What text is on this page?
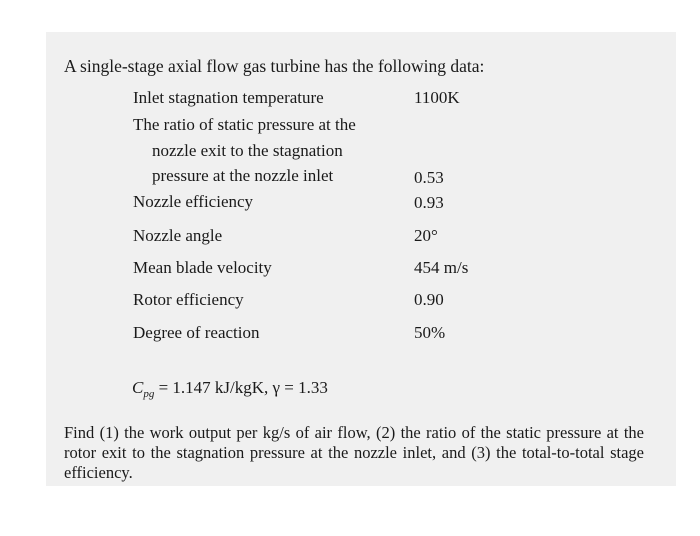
A single-stage axial flow gas turbine has the following data:
Inlet stagnation temperature	1100K
The ratio of static pressure at the
nozzle exit to the stagnation
pressure at the nozzle inlet	0.53
Nozzle efficiency	0.93
Nozzle angle	20°
Mean blade velocity	454 m/s
Rotor efficiency	0.90
Degree of reaction	50%
$C_{pg} = 1.147$ kJ/kgK, γ = 1.33
Find (1) the work output per kg/s of air flow, (2) the ratio of the static pressure at the rotor exit to the stagnation pressure at the nozzle inlet, and (3) the total-to-total stage efficiency.
